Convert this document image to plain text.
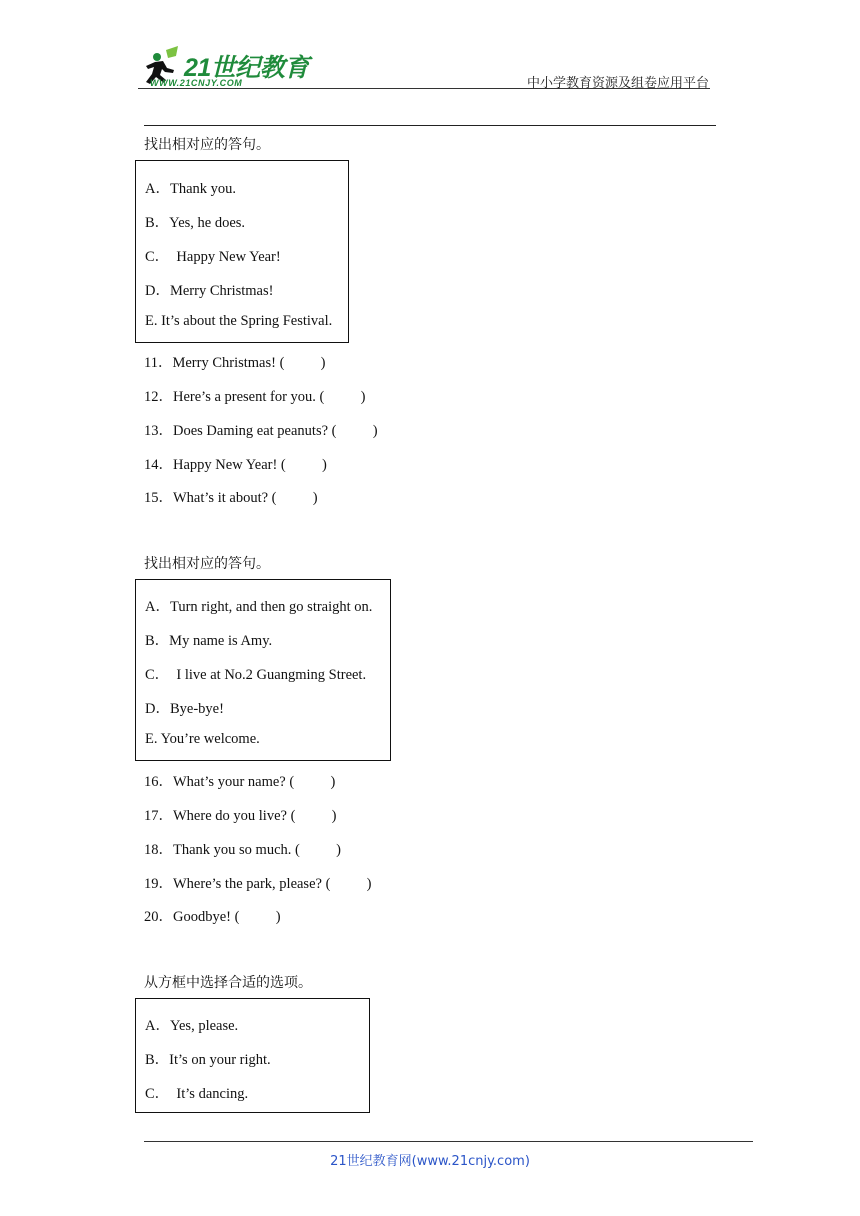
21世纪教育
WWW.21CNJY.COM	中小学教育资源及组卷应用平台
找出相对应的答句。
A．Thank you.
B．Yes, he does.
C．  Happy New Year!
D．Merry Christmas!
E. It’s about the Spring Festival.
11．Merry Christmas! (          )
12．Here’s a present for you. (          )
13．Does Daming eat peanuts? (          )
14．Happy New Year! (          )
15．What’s it about? (          )
找出相对应的答句。
A．Turn right, and then go straight on.
B．My name is Amy.
C．  I live at No.2 Guangming Street.
D．Bye-bye!
E. You’re welcome.
16．What’s your name? (          )
17．Where do you live? (          )
18．Thank you so much. (          )
19．Where’s the park, please? (          )
20．Goodbye! (          )
从方框中选择合适的选项。
A．Yes, please.
B．It’s on your right.
C．  It’s dancing.
21世纪教育网(www.21cnjy.com)
